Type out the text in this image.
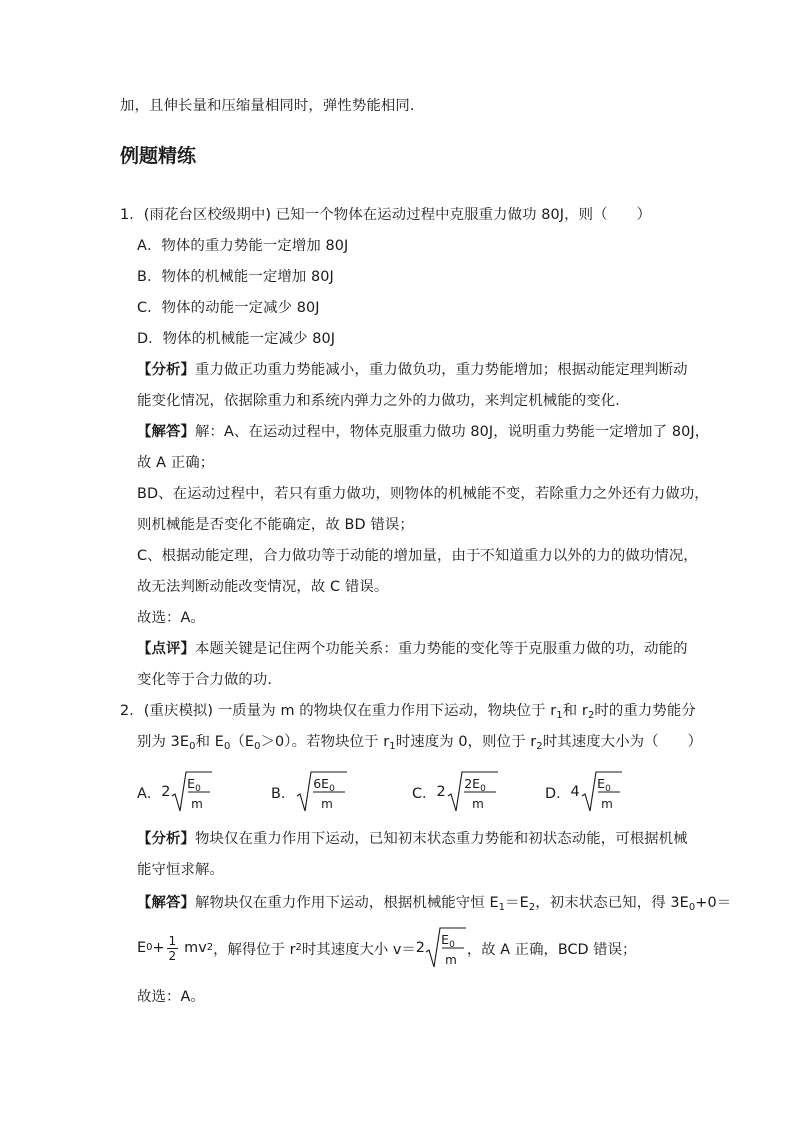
加，且伸长量和压缩量相同时，弹性势能相同.
例题精练
1．(雨花台区校级期中) 已知一个物体在运动过程中克服重力做功 80J，则（　　）
A．物体的重力势能一定增加 80J
B．物体的机械能一定增加 80J
C．物体的动能一定减少 80J
D．物体的机械能一定减少 80J
【分析】重力做正功重力势能减小，重力做负功，重力势能增加；根据动能定理判断动
能变化情况，依据除重力和系统内弹力之外的力做功，来判定机械能的变化.
【解答】解：A、在运动过程中，物体克服重力做功 80J，说明重力势能一定增加了 80J，
故 A 正确；
BD、在运动过程中，若只有重力做功，则物体的机械能不变，若除重力之外还有力做功，
则机械能是否变化不能确定，故 BD 错误；
C、根据动能定理，合力做功等于动能的增加量，由于不知道重力以外的力的做功情况，
故无法判断动能改变情况，故 C 错误。
故选：A。
【点评】本题关键是记住两个功能关系：重力势能的变化等于克服重力做的功，动能的
变化等于合力做的功.
2．(重庆模拟) 一质量为 m 的物块仅在重力作用下运动，物块位于 $r_1$和 $r_2$时的重力势能分
别为 $3E_0$和 $E_0(E_0>0)$。若物块位于 $r_1$时速度为 0，则位于 $r_2$时其速度大小为（　　）
A． 2
$E_0$
m
B．
$6E_0$
m
C． 2
$2E_0$
m
D． 4
$E_0$
m
【分析】物块仅在重力作用下运动，已知初末状态重力势能和初状态动能，可根据机械
能守恒求解。
【解答】解物块仅在重力作用下运动，根据机械能守恒 $E_1=E_2$，初末状态已知，得 $3E_0+0=$
E $0 + \frac{1}{2}$ mv 2 ，解得位于 r 2 时其速度大小 v＝ 2
$E_0$
m
，故 A 正确，BCD 错误；
故选：A。
